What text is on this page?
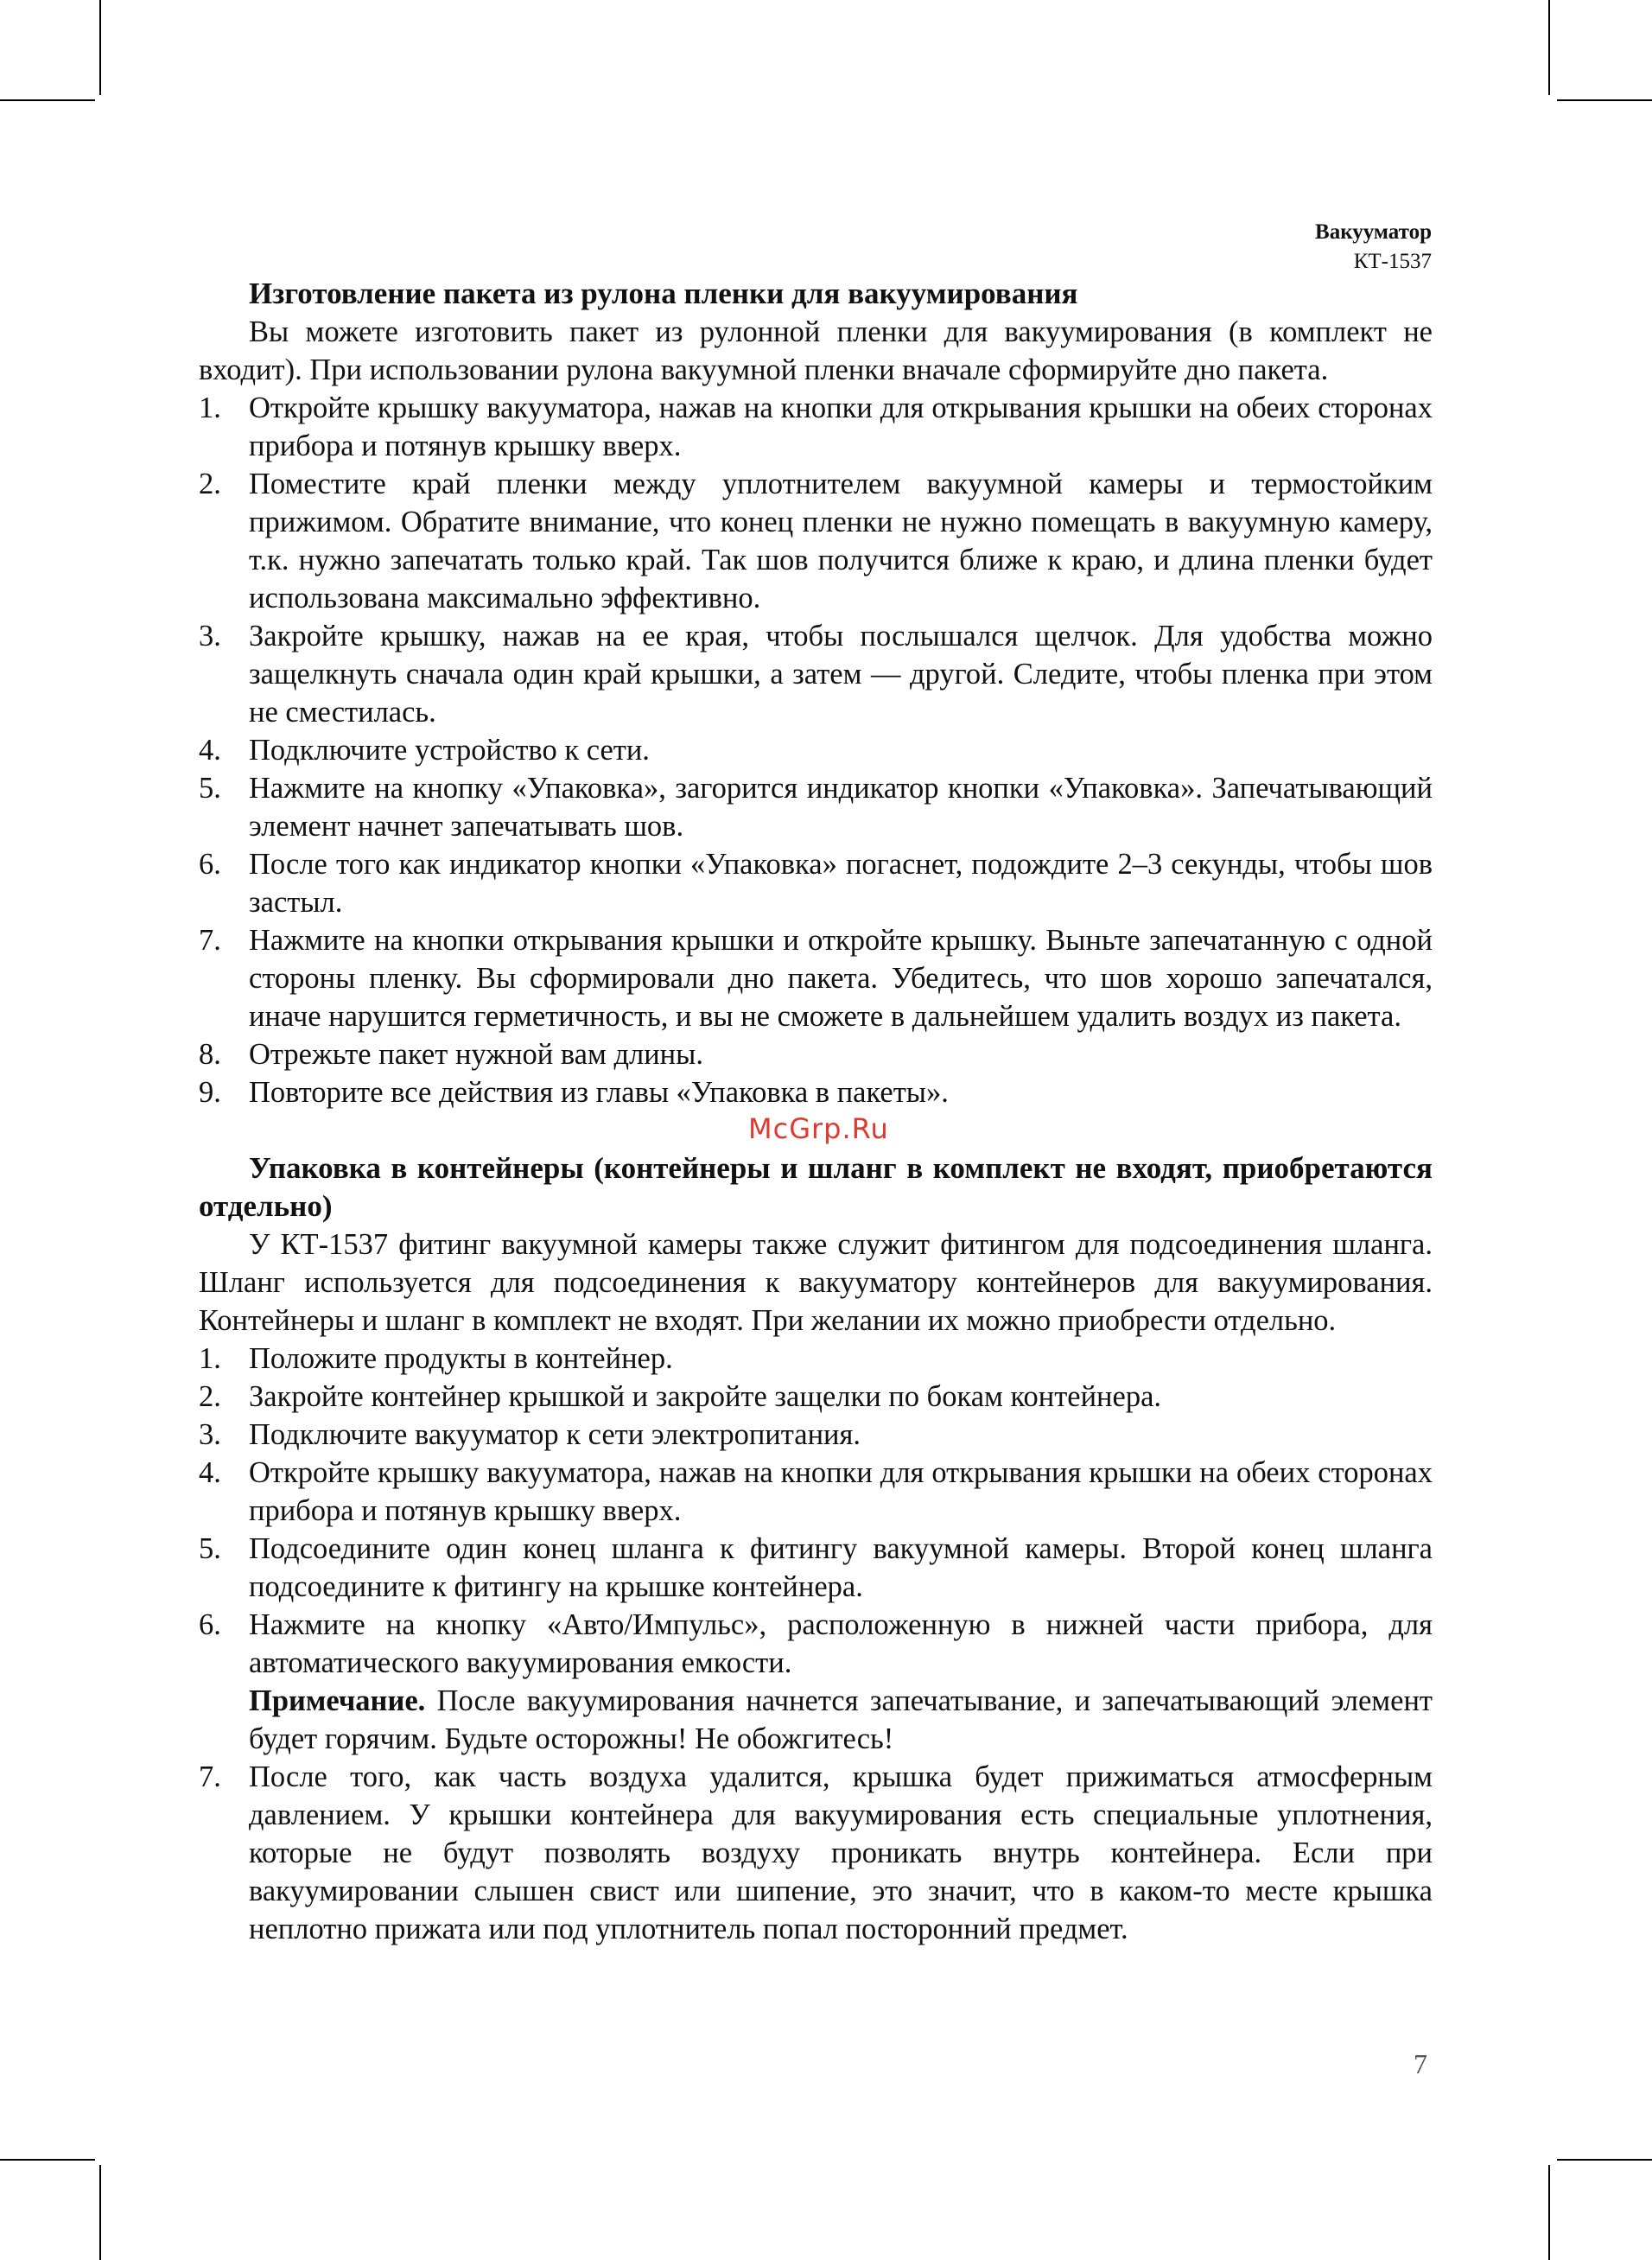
Вакууматор
КТ-1537
Изготовление пакета из рулона пленки для вакуумирования

Вы можете изготовить пакет из рулонной пленки для вакуумирования (в комплект не входит). При использовании рулона вакуумной пленки вначале сформируйте дно пакета.

1. Откройте крышку вакууматора, нажав на кнопки для открывания крышки на обеих сторонах прибора и потянув крышку вверх.
2. Поместите край пленки между уплотнителем вакуумной камеры и термостойким прижимом. Обратите внимание, что конец пленки не нужно помещать в вакуумную камеру, т.к. нужно запечатать только край. Так шов получится ближе к краю, и длина пленки будет использована максимально эффективно.
3. Закройте крышку, нажав на ее края, чтобы послышался щелчок. Для удобства можно защелкнуть сначала один край крышки, а затем — другой. Следите, чтобы пленка при этом не сместилась.
4. Подключите устройство к сети.
5. Нажмите на кнопку «Упаковка», загорится индикатор кнопки «Упаковка». Запечатывающий элемент начнет запечатывать шов.
6. После того как индикатор кнопки «Упаковка» погаснет, подождите 2–3 секунды, чтобы шов застыл.
7. Нажмите на кнопки открывания крышки и откройте крышку. Выньте запечатанную с одной стороны пленку. Вы сформировали дно пакета. Убедитесь, что шов хорошо запечатался, иначе нарушится герметичность, и вы не сможете в дальнейшем удалить воздух из пакета.
8. Отрежьте пакет нужной вам длины.
9. Повторите все действия из главы «Упаковка в пакеты».
Упаковка в контейнеры (контейнеры и шланг в комплект не входят, приобретаются отдельно)

У КТ-1537 фитинг вакуумной камеры также служит фитингом для подсоединения шланга. Шланг используется для подсоединения к вакууматору контейнеров для вакуумирования. Контейнеры и шланг в комплект не входят. При желании их можно приобрести отдельно.

1. Положите продукты в контейнер.
2. Закройте контейнер крышкой и закройте защелки по бокам контейнера.
3. Подключите вакууматор к сети электропитания.
4. Откройте крышку вакууматора, нажав на кнопки для открывания крышки на обеих сторонах прибора и потянув крышку вверх.
5. Подсоедините один конец шланга к фитингу вакуумной камеры. Второй конец шланга подсоедините к фитингу на крышке контейнера.
6. Нажмите на кнопку «Авто/Импульс», расположенную в нижней части прибора, для автоматического вакуумирования емкости.
Примечание. После вакуумирования начнется запечатывание, и запечатывающий элемент будет горячим. Будьте осторожны! Не обожгитесь!
7. После того, как часть воздуха удалится, крышка будет прижиматься атмосферным давлением. У крышки контейнера для вакуумирования есть специальные уплотнения, которые не будут позволять воздуху проникать внутрь контейнера. Если при вакуумировании слышен свист или шипение, это значит, что в каком-то месте крышка неплотно прижата или под уплотнитель попал посторонний предмет.
McGrp.Ru
7
